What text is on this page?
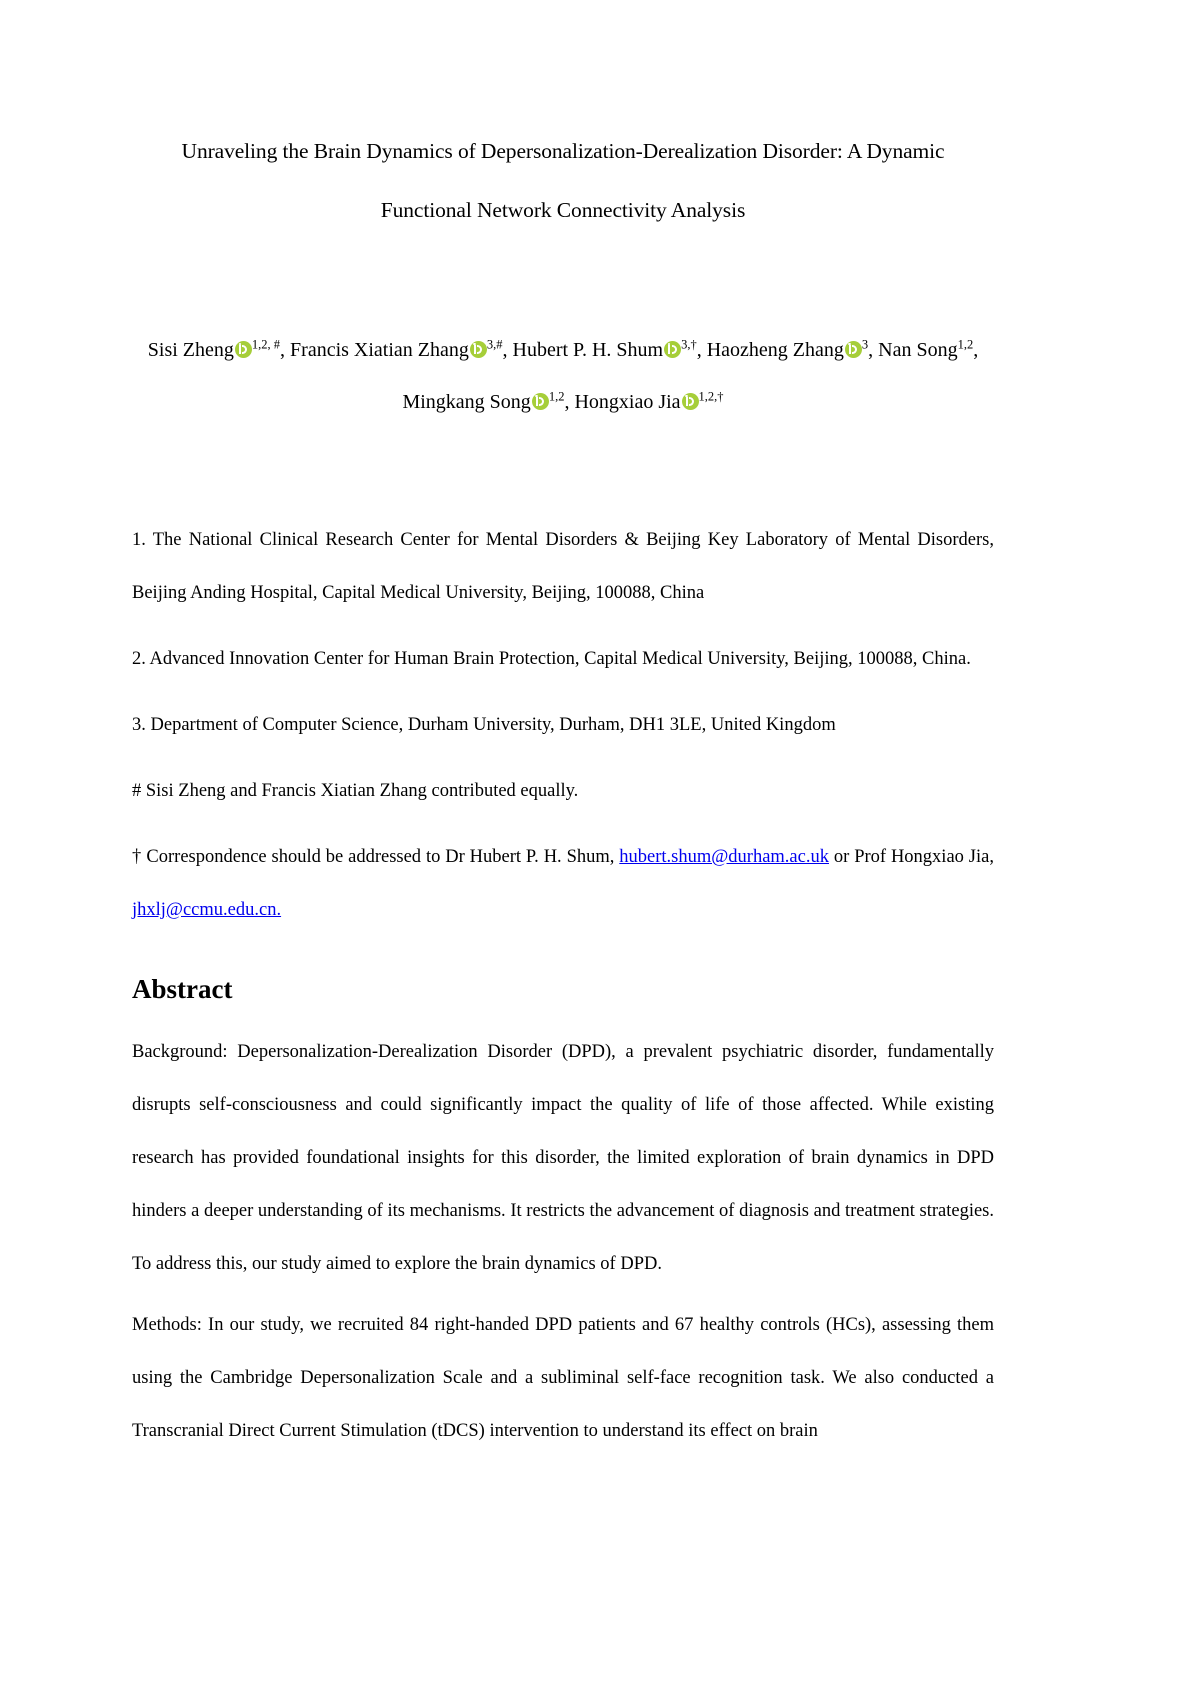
Unraveling the Brain Dynamics of Depersonalization-Derealization Disorder: A Dynamic
Functional Network Connectivity Analysis
Sisi Zheng $^{1,2, \#}$, Francis Xiatian Zhang $^{3,\#}$, Hubert P. H. Shum $^{3,\dagger}$, Haozheng Zhang $^3$, Nan Song$^{1,2}$,
Mingkang Song $^{1,2}$, Hongxiao Jia $^{1,2,\dagger}$

1. The National Clinical Research Center for Mental Disorders & Beijing Key Laboratory of Mental Disorders, Beijing Anding Hospital, Capital Medical University, Beijing, 100088, China

2. Advanced Innovation Center for Human Brain Protection, Capital Medical University, Beijing, 100088, China.

3. Department of Computer Science, Durham University, Durham, DH1 3LE, United Kingdom

# Sisi Zheng and Francis Xiatian Zhang contributed equally.

† Correspondence should be addressed to Dr Hubert P. H. Shum, hubert.shum@durham.ac.uk or Prof Hongxiao Jia, jhxlj@ccmu.edu.cn.

Abstract

Background: Depersonalization-Derealization Disorder (DPD), a prevalent psychiatric disorder, fundamentally disrupts self-consciousness and could significantly impact the quality of life of those affected. While existing research has provided foundational insights for this disorder, the limited exploration of brain dynamics in DPD hinders a deeper understanding of its mechanisms. It restricts the advancement of diagnosis and treatment strategies. To address this, our study aimed to explore the brain dynamics of DPD.

Methods: In our study, we recruited 84 right-handed DPD patients and 67 healthy controls (HCs), assessing them using the Cambridge Depersonalization Scale and a subliminal self-face recognition task. We also conducted a Transcranial Direct Current Stimulation (tDCS) intervention to understand its effect on brain
